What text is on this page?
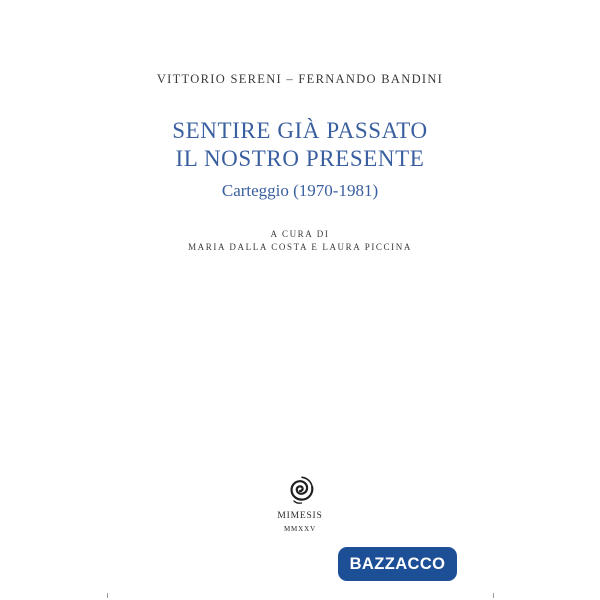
VITTORIO SERENI – FERNANDO BANDINI
SENTIRE GIÀ PASSATO
IL NOSTRO PRESENTE
Carteggio (1970-1981)
A CURA DI
MARIA DALLA COSTA E LAURA PICCINA
MIMESIS
MMXXV
BAZZACCO
